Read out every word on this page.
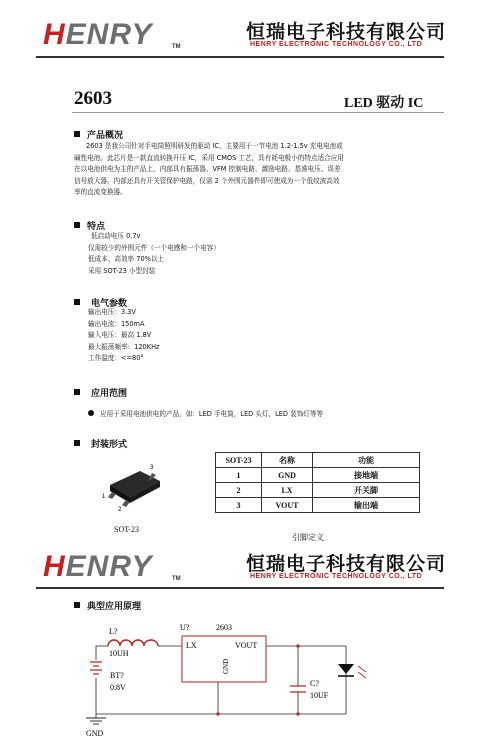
HENRY	TM
恒瑞电子科技有限公司
HENRY ELECTRONIC TECHNOLOGY CO., LTD
2603	LED 驱动 IC
产品概况
2603 是我公司针对手电筒照明研发的驱动 IC，主要用于一节电池 1.2-1.5v 充电电池或
碱性电池。此芯片是一款直流转换升压 IC，采用 CMOS 工艺，具有耗电极小的特点适合应用
在以电池供电为主的产品上，内部具有振荡器、VFM 控制电路、激励电路、基准电压、误差
信号放大器。内部还具有开关管保护电路，仅需 2 个外围元器件即可使成为一个低纹波高效
率的直流变换器。
特点
低启动电压 0.7v
仅需较少的外围元件（一个电感和一个电容）
低成本、高效率 70%以上
采用 SOT-23 小型封装
电气参数
输出电压：3.3V
输出电流：150mA
输入电压：最高 1.8V
最大振荡频率：120KHz
工作温度：<=80°
应用范围
应用于采用电池供电的产品，如：LED 手电筒，LED 头灯，LED 装饰灯等等
封装形式
3
1
2
SOT-23
SOT-23	名称	功能
1	GND	接地端
2	LX	开关脚
3	VOUT	输出端
引脚定义
HENRY	TM
恒瑞电子科技有限公司
HENRY ELECTRONIC TECHNOLOGY CO., LTD
典型应用原理
L?
10UH
BT?
0.8V
U?	2603
LX	VOUT
GND
C?
10UF
GND
